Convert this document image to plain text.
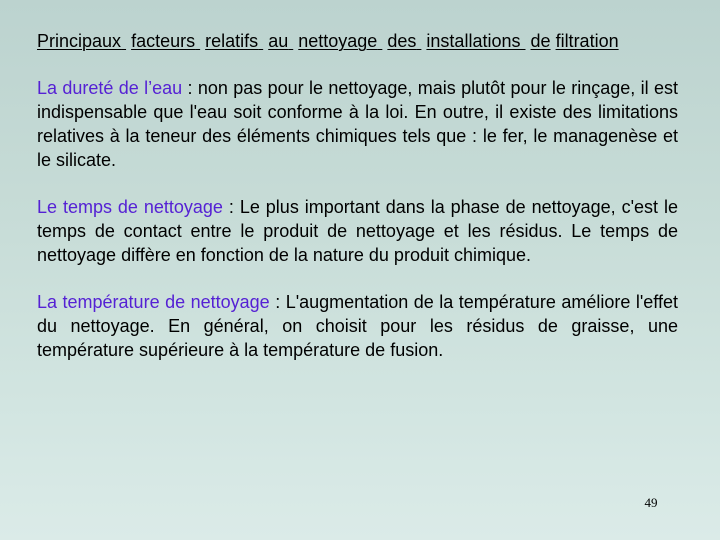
Principaux facteurs relatifs au nettoyage des installations de filtration

La dureté de l’eau : non pas pour le nettoyage, mais plutôt pour le rinçage, il est indispensable que l'eau soit conforme à la loi. En outre, il existe des limitations relatives à la teneur des éléments chimiques tels que : le fer, le managenèse et le silicate.

Le temps de nettoyage : Le plus important dans la phase de nettoyage, c'est le temps de contact entre le produit de nettoyage et les résidus. Le temps de nettoyage diffère en fonction de la nature du produit chimique.

La température de nettoyage : L'augmentation de la température améliore l'effet du nettoyage. En général, on choisit pour les résidus de graisse, une température supérieure à la température de fusion.

49
